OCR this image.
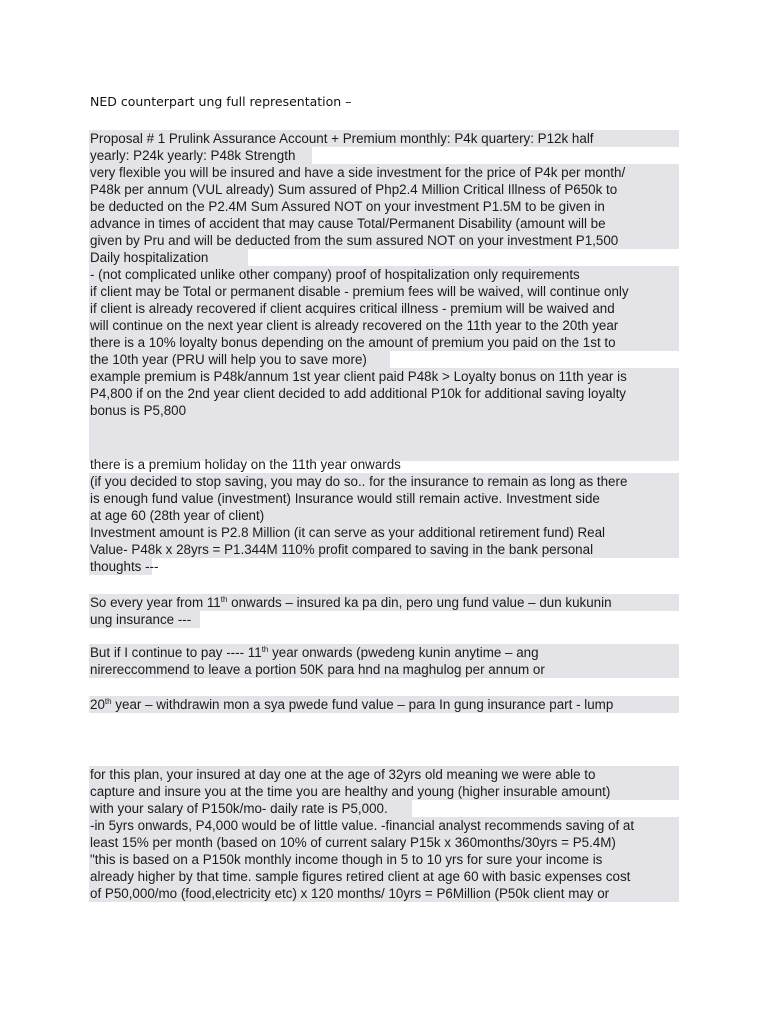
NED counterpart ung full representation –
Proposal # 1 Prulink Assurance Account + Premium monthly: P4k quartery: P12k half
yearly: P24k yearly: P48k Strength
very flexible you will be insured and have a side investment for the price of P4k per month/
P48k per annum (VUL already) Sum assured of Php2.4 Million Critical Illness of P650k to
be deducted on the P2.4M Sum Assured NOT on your investment P1.5M to be given in
advance in times of accident that may cause Total/Permanent Disability (amount will be
given by Pru and will be deducted from the sum assured NOT on your investment P1,500
Daily hospitalization
- (not complicated unlike other company) proof of hospitalization only requirements
if client may be Total or permanent disable - premium fees will be waived, will continue only
if client is already recovered if client acquires critical illness - premium will be waived and
will continue on the next year client is already recovered on the 11th year to the 20th year
there is a 10% loyalty bonus depending on the amount of premium you paid on the 1st to
the 10th year (PRU will help you to save more)
example premium is P48k/annum 1st year client paid P48k > Loyalty bonus on 11th year is
P4,800 if on the 2nd year client decided to add additional P10k for additional saving loyalty
bonus is P5,800
there is a premium holiday on the 11th year onwards
(if you decided to stop saving, you may do so.. for the insurance to remain as long as there
is enough fund value (investment) Insurance would still remain active. Investment side
at age 60 (28th year of client)
Investment amount is P2.8 Million (it can serve as your additional retirement fund) Real
Value- P48k x 28yrs = P1.344M 110% profit compared to saving in the bank personal
thoughts ---
So every year from 11th onwards – insured ka pa din, pero ung fund value – dun kukunin
ung insurance ---
But if I continue to pay ---- 11th year onwards (pwedeng kunin anytime – ang
nirereccommend to leave a portion 50K para hnd na maghulog per annum or
20th year – withdrawin mon a sya pwede fund value – para In gung insurance part - lump
for this plan, your insured at day one at the age of 32yrs old meaning we were able to
capture and insure you at the time you are healthy and young (higher insurable amount)
with your salary of P150k/mo- daily rate is P5,000.
-in 5yrs onwards, P4,000 would be of little value. -financial analyst recommends saving of at
least 15% per month (based on 10% of current salary P15k x 360months/30yrs = P5.4M)
"this is based on a P150k monthly income though in 5 to 10 yrs for sure your income is
already higher by that time. sample figures retired client at age 60 with basic expenses cost
of P50,000/mo (food,electricity etc) x 120 months/ 10yrs = P6Million (P50k client may or
